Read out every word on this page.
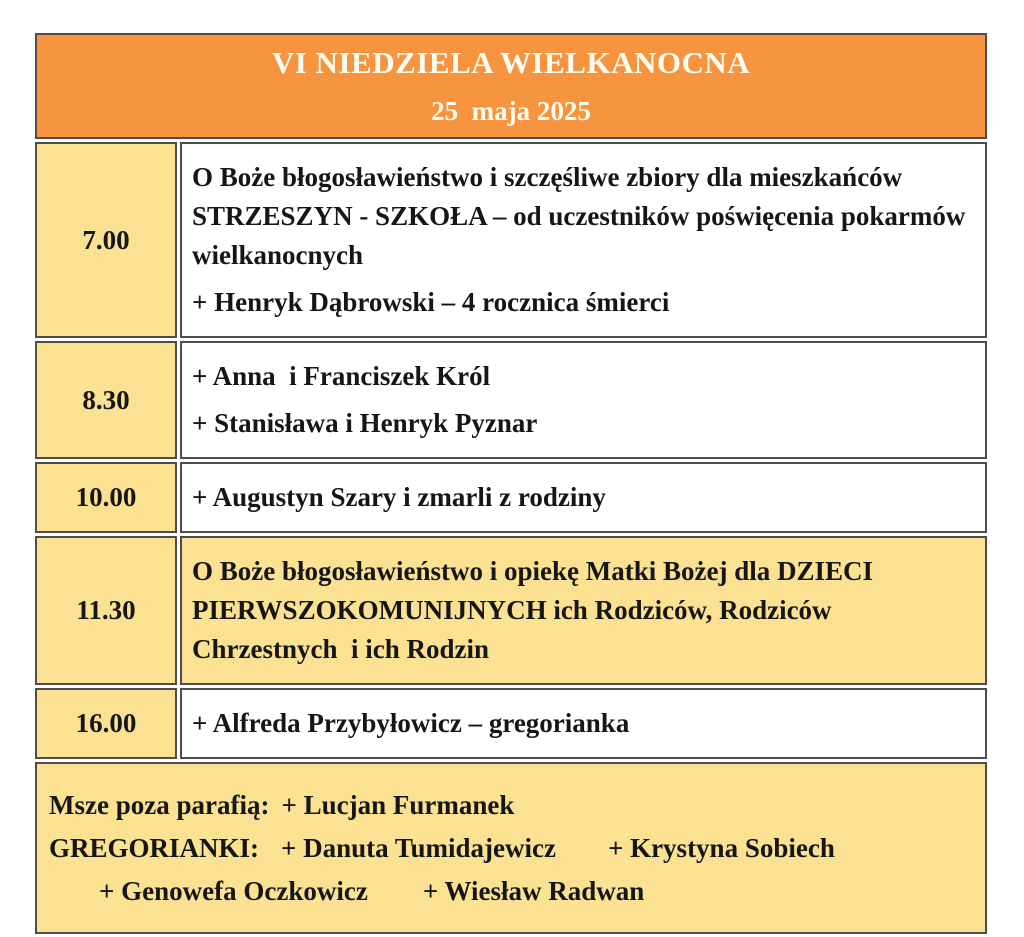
VI NIEDZIELA WIELKANOCNA
25  maja 2025	

7.00	O Boże błogosławieństwo i szczęśliwe zbiory dla mieszkańców STRZESZYN - SZKOŁA – od uczestników poświęcenia pokarmów wielkanocnych

+ Henryk Dąbrowski – 4 rocznica śmierci

8.30	+ Anna  i Franciszek Król

+ Stanisława i Henryk Pyznar

10.00	+ Augustyn Szary i zmarli z rodziny

11.30	O Boże błogosławieństwo i opiekę Matki Bożej dla DZIECI PIERWSZOKOMUNIJNYCH ich Rodziców, Rodziców Chrzestnych  i ich Rodzin

16.00	+ Alfreda Przybyłowicz – gregorianka

Msze poza parafią: + Lucjan Furmanek
GREGORIANKI: + Danuta Tumidajewicz + Krystyna Sobiech
+ Genowefa Oczkowicz + Wiesław Radwan
